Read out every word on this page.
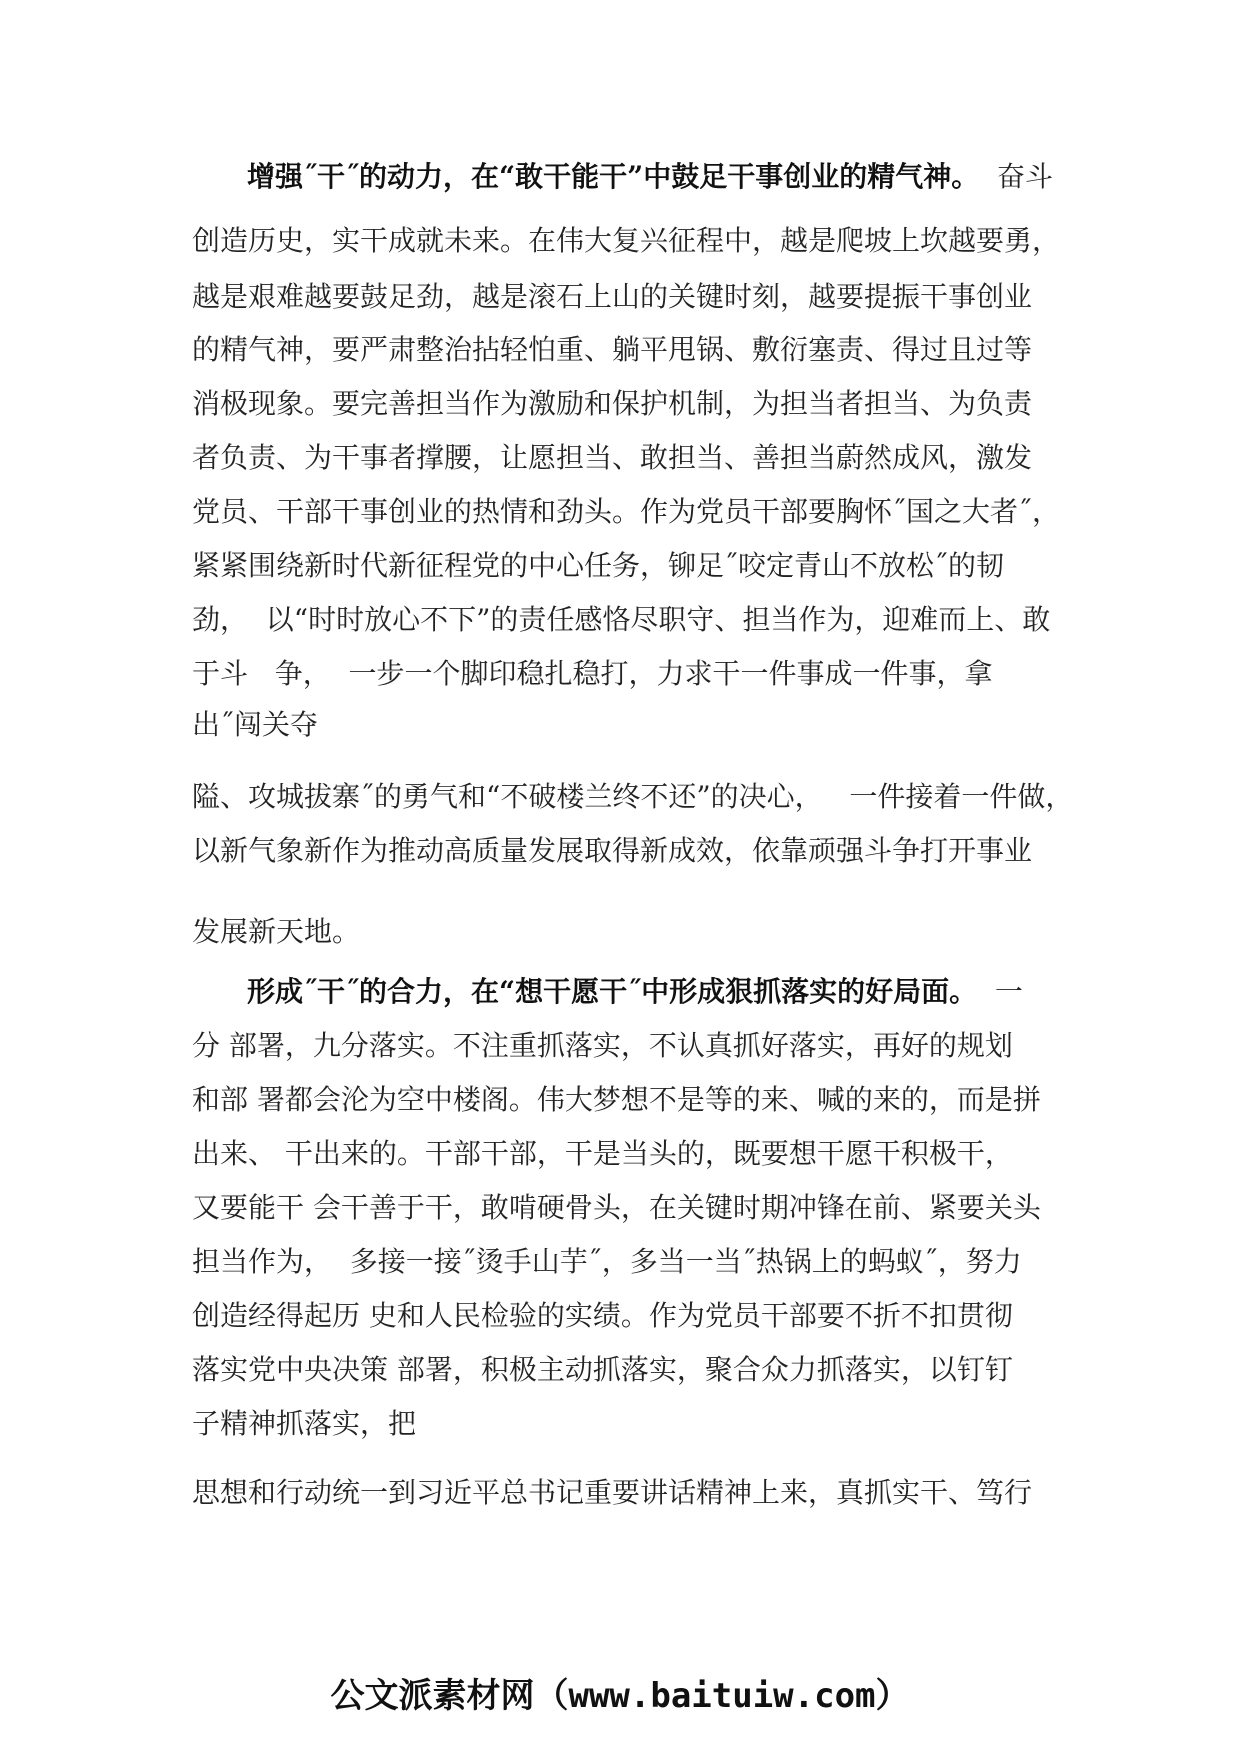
增强˝干˝的动力，在“敢干能干”中鼓足干事创业的精气神。  奋斗
创造历史，实干成就未来。在伟大复兴征程中，越是爬坡上坎越要勇，
越是艰难越要鼓足劲，越是滚石上山的关键时刻，越要提振干事创业
的精气神，要严肃整治拈轻怕重、躺平甩锅、敷衍塞责、得过且过等
消极现象。要完善担当作为激励和保护机制，为担当者担当、为负责
者负责、为干事者撑腰，让愿担当、敢担当、善担当蔚然成风，激发
党员、干部干事创业的热情和劲头。作为党员干部要胸怀˝国之大者˝，
紧紧围绕新时代新征程党的中心任务，铆足˝咬定青山不放松˝的韧
劲，  以“时时放心不下”的责任感恪尽职守、担当作为，迎难而上、敢
于斗   争，  一步一个脚印稳扎稳打，力求干一件事成一件事，拿
出˝闯关夺
隘、攻城拔寨˝的勇气和“不破楼兰终不还”的决心，   一件接着一件做，
以新气象新作为推动高质量发展取得新成效，依靠顽强斗争打开事业
发展新天地。
形成˝干˝的合力，在“想干愿干˝中形成狠抓落实的好局面。  一
分 部署，九分落实。不注重抓落实，不认真抓好落实，再好的规划
和部 署都会沦为空中楼阁。伟大梦想不是等的来、喊的来的，而是拼
出来、 干出来的。干部干部，干是当头的，既要想干愿干积极干，
又要能干 会干善于干，敢啃硬骨头，在关键时期冲锋在前、紧要关头
担当作为，  多接一接˝烫手山芋˝，多当一当˝热锅上的蚂蚁˝，努力
创造经得起历 史和人民检验的实绩。作为党员干部要不折不扣贯彻
落实党中央决策 部署，积极主动抓落实，聚合众力抓落实，以钉钉
子精神抓落实，把
思想和行动统一到习近平总书记重要讲话精神上来，真抓实干、笃行
公文派素材网（www.baituiw.com）
